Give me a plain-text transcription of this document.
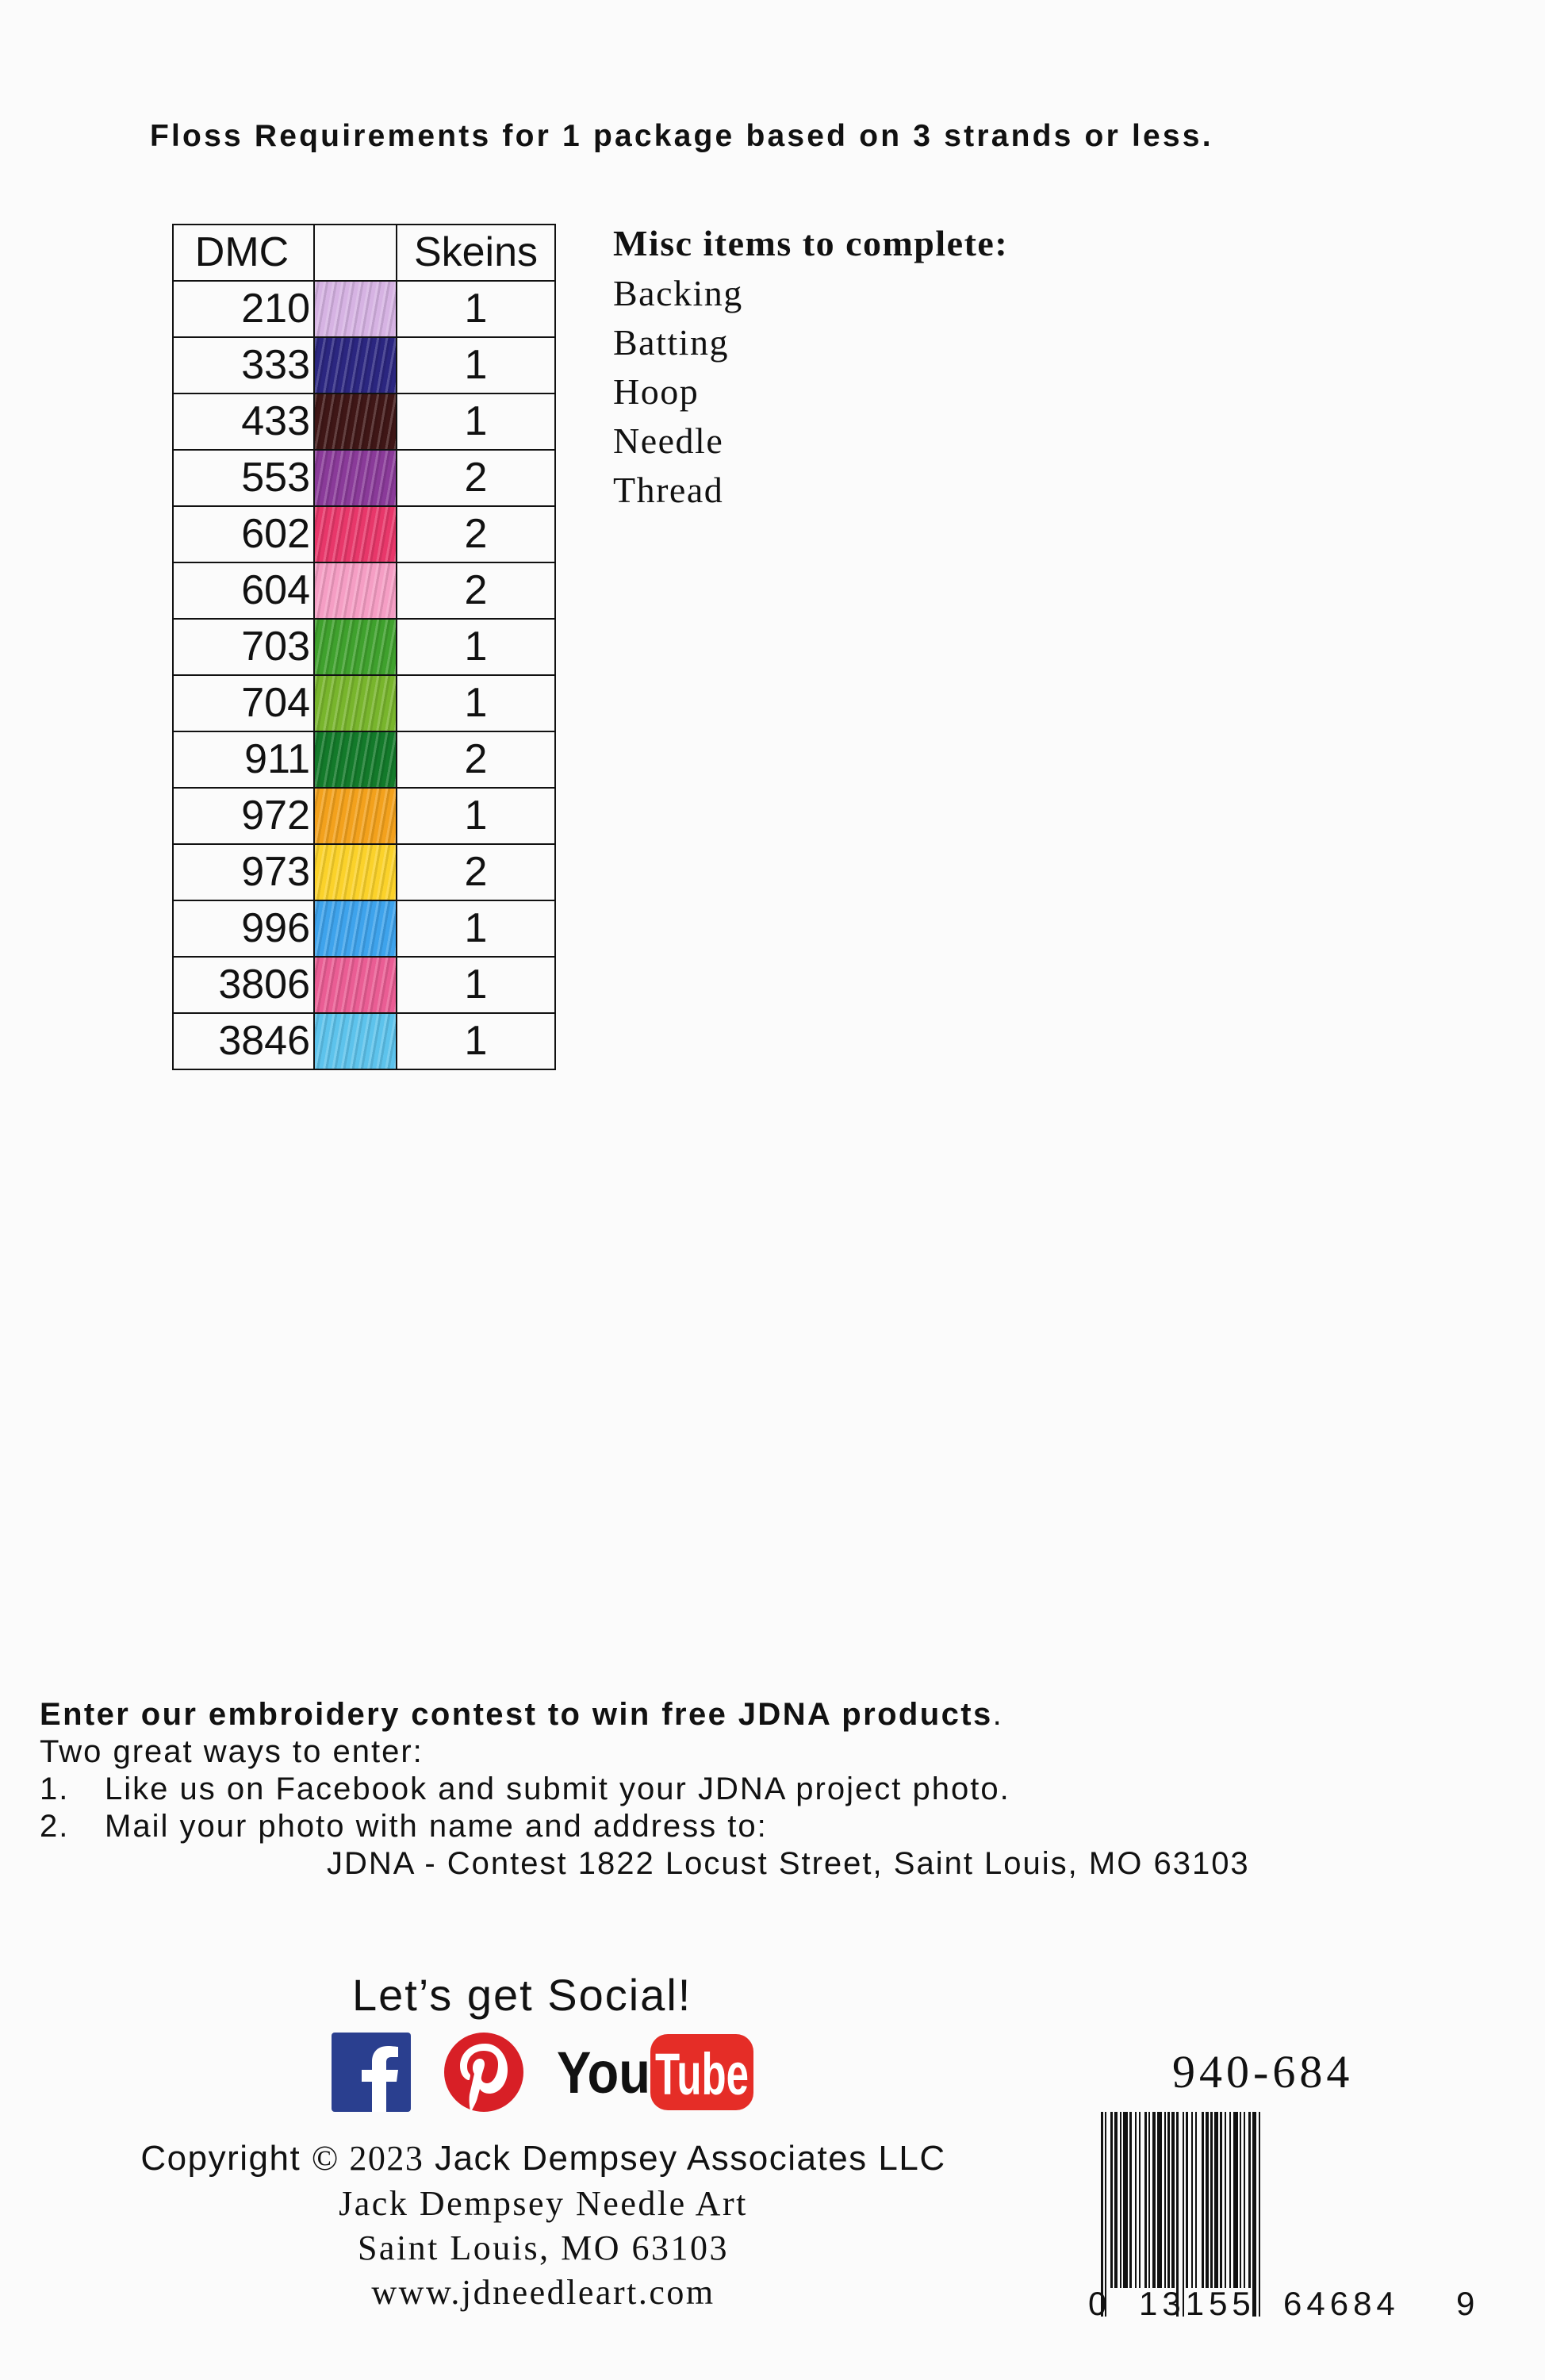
Floss Requirements for 1 package based on 3 strands or less.
DMC		Skeins
210		1
333		1
433		1
553		2
602		2
604		2
703		1
704		1
911		2
972		1
973		2
996		1
3806		1
3846		1
Misc items to complete:
Backing
Batting
Hoop
Needle
Thread
Enter our embroidery contest to win free JDNA products.
Two great ways to enter:
1. Like us on Facebook and submit your JDNA project photo.
2. Mail your photo with name and address to:
JDNA - Contest 1822 Locust Street, Saint Louis, MO 63103
Let’s get Social!
You Tube
Copyright © 2023 Jack Dempsey Associates LLC
Jack Dempsey Needle Art
Saint Louis, MO 63103
www.jdneedleart.com
940-684
0 13155 64684 9
